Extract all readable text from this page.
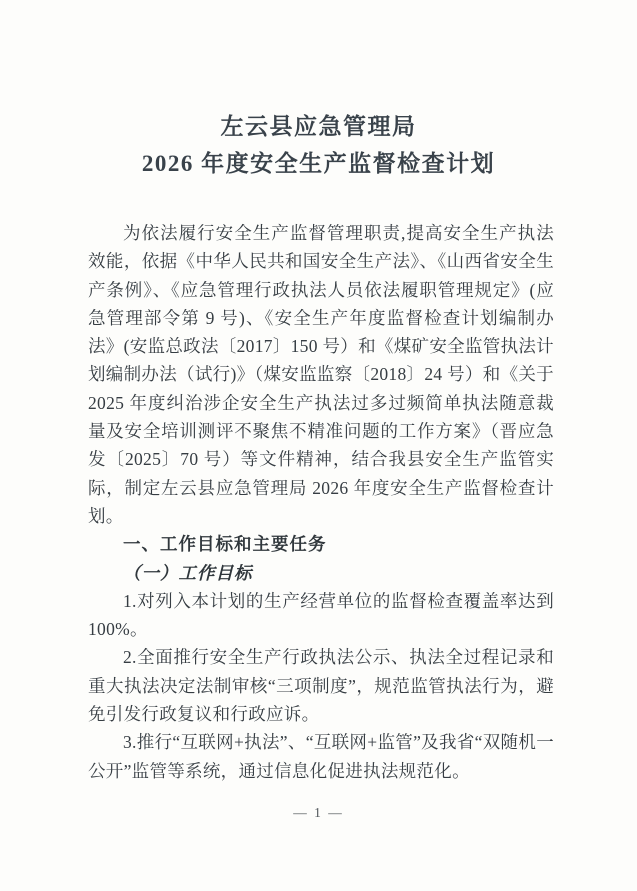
左云县应急管理局
2026 年度安全生产监督检查计划

为依法履行安全生产监督管理职责,提高安全生产执法效能，依据《中华人民共和国安全生产法》、《山西省安全生产条例》、《应急管理行政执法人员依法履职管理规定》(应急管理部令第 9 号)、《安全生产年度监督检查计划编制办法》(安监总政法〔2017〕150 号）和《煤矿安全监管执法计划编制办法（试行)》（煤安监监察〔2018〕24 号）和《关于 2025 年度纠治涉企安全生产执法过多过频简单执法随意裁量及安全培训测评不聚焦不精准问题的工作方案》（晋应急发〔2025〕70 号）等文件精神，结合我县安全生产监管实际，制定左云县应急管理局 2026 年度安全生产监督检查计划。

一、工作目标和主要任务

（一）工作目标

1.对列入本计划的生产经营单位的监督检查覆盖率达到 100%。

2.全面推行安全生产行政执法公示、执法全过程记录和重大执法决定法制审核“三项制度”，规范监管执法行为，避免引发行政复议和行政应诉。

3.推行“互联网+执法”、“互联网+监管”及我省“双随机一公开”监管等系统，通过信息化促进执法规范化。

— 1 —
